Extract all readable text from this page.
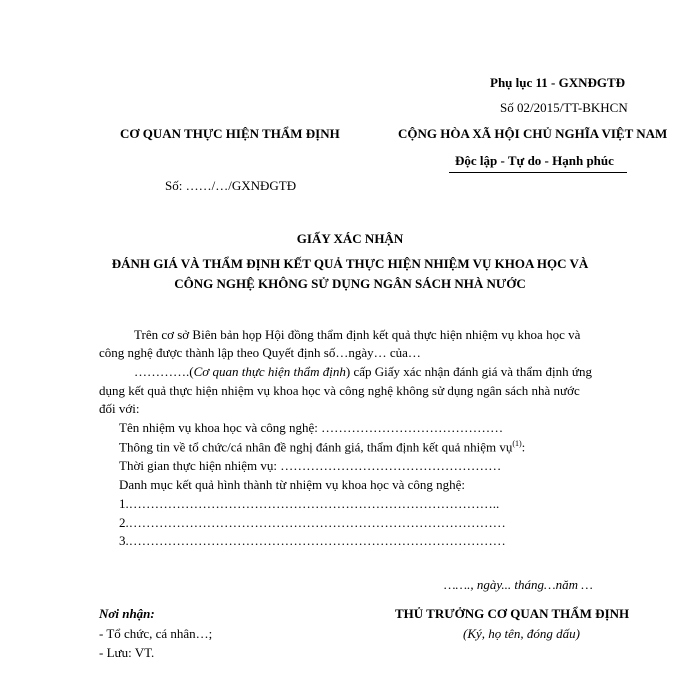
Phụ lục 11 - GXNĐGTĐ
Số 02/2015/TT-BKHCN
CƠ QUAN THỰC HIỆN THẨM ĐỊNH	CỘNG HÒA XÃ HỘI CHỦ NGHĨA VIỆT NAM
Độc lập - Tự do - Hạnh phúc
Số: ……/…/GXNĐGTĐ
GIẤY XÁC NHẬN
ĐÁNH GIÁ VÀ THẨM ĐỊNH KẾT QUẢ THỰC HIỆN NHIỆM VỤ KHOA HỌC VÀ
CÔNG NGHỆ KHÔNG SỬ DỤNG NGÂN SÁCH NHÀ NƯỚC
Trên cơ sở Biên bản họp Hội đồng thẩm định kết quả thực hiện nhiệm vụ khoa học và
công nghệ được thành lập theo Quyết định số…ngày… của…
………….(Cơ quan thực hiện thẩm định) cấp Giấy xác nhận đánh giá và thẩm định ứng
dụng kết quả thực hiện nhiệm vụ khoa học và công nghệ không sử dụng ngân sách nhà nước
đối với:
Tên nhiệm vụ khoa học và công nghệ: ……………………………………
Thông tin về tổ chức/cá nhân đề nghị đánh giá, thẩm định kết quả nhiệm vụ$^{(1)}$:
Thời gian thực hiện nhiệm vụ: ……………………………………………
Danh mục kết quả hình thành từ nhiệm vụ khoa học và công nghệ:
1.…………………………………………………………………………..
2.……………………………………………………………………………
3.……………………………………………………………………………
……., ngày... tháng…năm …
Nơi nhận:	THỦ TRƯỞNG CƠ QUAN THẨM ĐỊNH
- Tổ chức, cá nhân…;	(Ký, họ tên, đóng dấu)
- Lưu: VT.
